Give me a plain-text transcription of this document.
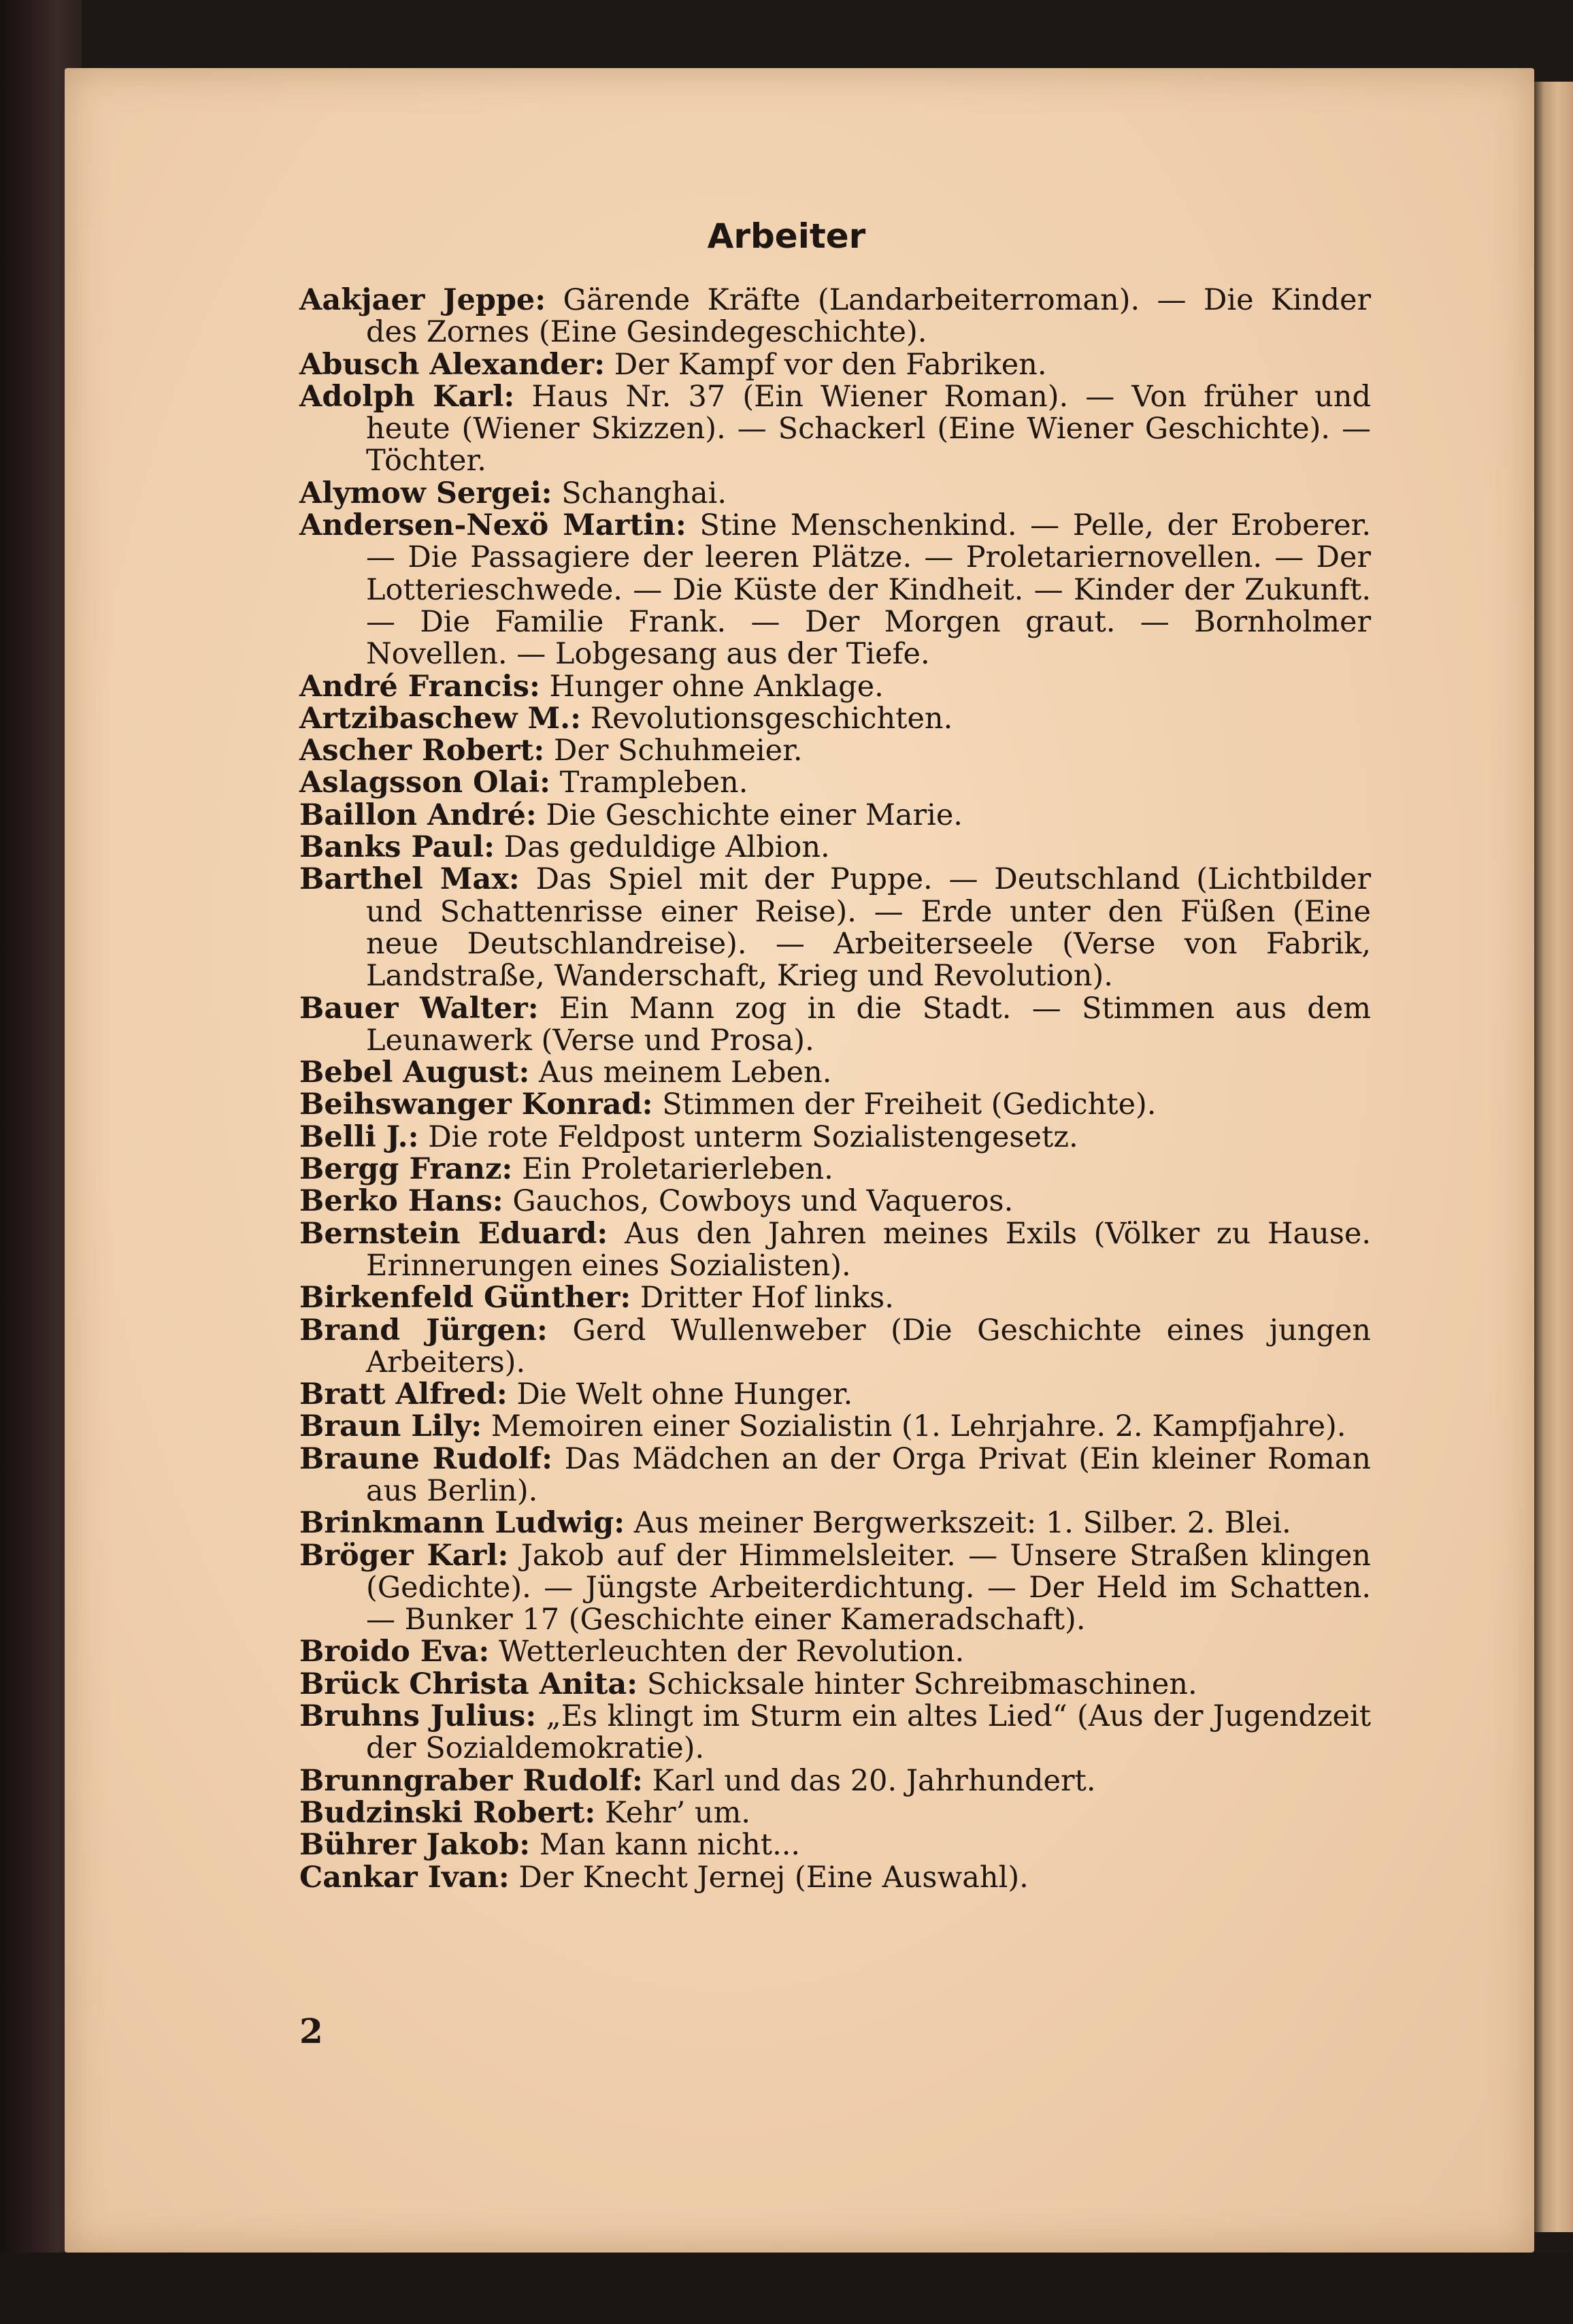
Arbeiter
Aakjaer Jeppe: Gärende Kräfte (Landarbeiterroman). — Die Kinder des Zornes (Eine Gesindegeschichte).
Abusch Alexander: Der Kampf vor den Fabriken.
Adolph Karl: Haus Nr. 37 (Ein Wiener Roman). — Von früher und heute (Wiener Skizzen). — Schackerl (Eine Wiener Geschichte). — Töchter.
Alymow Sergei: Schanghai.
Andersen-Nexö Martin: Stine Menschenkind. — Pelle, der Eroberer. — Die Passagiere der leeren Plätze. — Proletariernovellen. — Der Lotterieschwede. — Die Küste der Kindheit. — Kinder der Zukunft. — Die Familie Frank. — Der Morgen graut. — Bornholmer Novellen. — Lobgesang aus der Tiefe.
André Francis: Hunger ohne Anklage.
Artzibaschew M.: Revolutionsgeschichten.
Ascher Robert: Der Schuhmeier.
Aslagsson Olai: Trampleben.
Baillon André: Die Geschichte einer Marie.
Banks Paul: Das geduldige Albion.
Barthel Max: Das Spiel mit der Puppe. — Deutschland (Lichtbilder und Schattenrisse einer Reise). — Erde unter den Füßen (Eine neue Deutschlandreise). — Arbeiterseele (Verse von Fabrik, Landstraße, Wanderschaft, Krieg und Revolution).
Bauer Walter: Ein Mann zog in die Stadt. — Stimmen aus dem Leunawerk (Verse und Prosa).
Bebel August: Aus meinem Leben.
Beihswanger Konrad: Stimmen der Freiheit (Gedichte).
Belli J.: Die rote Feldpost unterm Sozialistengesetz.
Bergg Franz: Ein Proletarierleben.
Berko Hans: Gauchos, Cowboys und Vaqueros.
Bernstein Eduard: Aus den Jahren meines Exils (Völker zu Hause. Erinnerungen eines Sozialisten).
Birkenfeld Günther: Dritter Hof links.
Brand Jürgen: Gerd Wullenweber (Die Geschichte eines jungen Arbeiters).
Bratt Alfred: Die Welt ohne Hunger.
Braun Lily: Memoiren einer Sozialistin (1. Lehrjahre. 2. Kampfjahre).
Braune Rudolf: Das Mädchen an der Orga Privat (Ein kleiner Roman aus Berlin).
Brinkmann Ludwig: Aus meiner Bergwerkszeit: 1. Silber. 2. Blei.
Bröger Karl: Jakob auf der Himmelsleiter. — Unsere Straßen klingen (Gedichte). — Jüngste Arbeiterdichtung. — Der Held im Schatten. — Bunker 17 (Geschichte einer Kameradschaft).
Broido Eva: Wetterleuchten der Revolution.
Brück Christa Anita: Schicksale hinter Schreibmaschinen.
Bruhns Julius: „Es klingt im Sturm ein altes Lied“ (Aus der Jugendzeit der Sozialdemokratie).
Brunngraber Rudolf: Karl und das 20. Jahrhundert.
Budzinski Robert: Kehr’ um.
Bührer Jakob: Man kann nicht...
Cankar Ivan: Der Knecht Jernej (Eine Auswahl).
2
